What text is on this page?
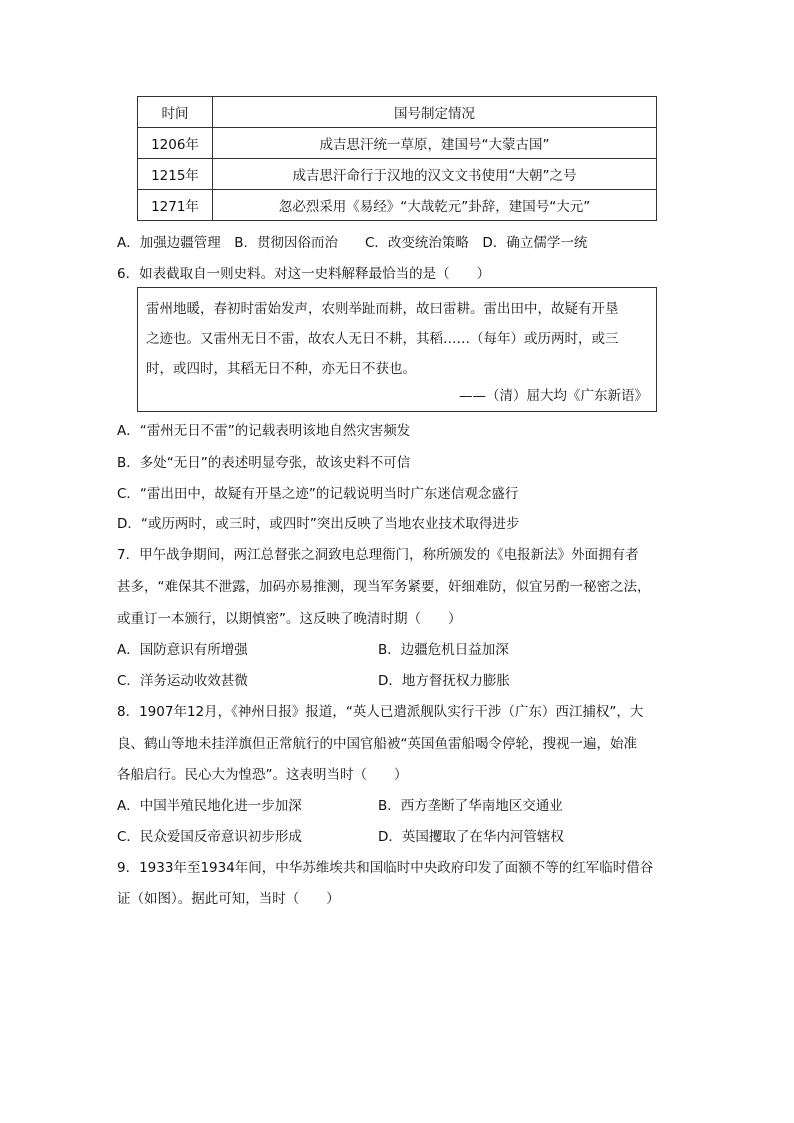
时间	国号制定情况
1206年	成吉思汗统一草原，建国号“大蒙古国”
1215年	成吉思汗命行于汉地的汉文文书使用“大朝”之号
1271年	忽必烈采用《易经》“大哉乾元”卦辞，建国号“大元”
A．加强边疆管理　B．贯彻因俗而治　　C．改变统治策略　D．确立儒学一统
6．如表截取自一则史料。对这一史料解释最恰当的是（　　）
雷州地暖，春初时雷始发声，农则举趾而耕，故曰雷耕。雷出田中，故疑有开垦
之迹也。又雷州无日不雷，故农人无日不耕，其稻……（每年）或历两时，或三
时，或四时，其稻无日不种，亦无日不获也。
——（清）屈大均《广东新语》
A．“雷州无日不雷”的记载表明该地自然灾害频发
B．多处“无日”的表述明显夸张，故该史料不可信
C．“雷出田中，故疑有开垦之迹”的记载说明当时广东迷信观念盛行
D．“或历两时，或三时，或四时”突出反映了当地农业技术取得进步
7．甲午战争期间，两江总督张之洞致电总理衙门，称所颁发的《电报新法》外面拥有者
甚多，“难保其不泄露，加码亦易推测，现当军务紧要，奸细难防，似宜另酌一秘密之法，
或重订一本颁行，以期慎密”。这反映了晚清时期（　　）
A．国防意识有所增强	B．边疆危机日益加深
C．洋务运动收效甚微	D．地方督抚权力膨胀
8．1907年12月，《神州日报》报道，“英人已遣派舰队实行干涉（广东）西江捕权”，大
良、鹤山等地未挂洋旗但正常航行的中国官船被“英国鱼雷船喝令停轮，搜视一遍，始准
各船启行。民心大为惶恐”。这表明当时（　　）
A．中国半殖民地化进一步加深	B．西方垄断了华南地区交通业
C．民众爱国反帝意识初步形成	D．英国攫取了在华内河管辖权
9．1933年至1934年间，中华苏维埃共和国临时中央政府印发了面额不等的红军临时借谷
证（如图）。据此可知，当时（　　）
